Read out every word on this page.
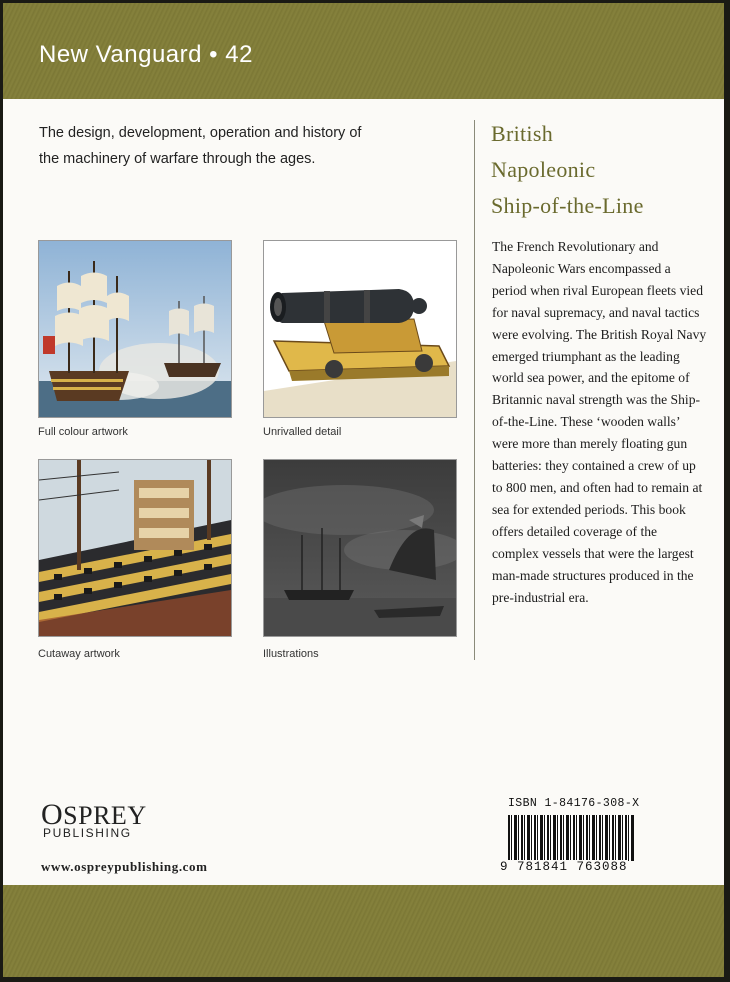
New Vanguard • 42
The design, development, operation and history of the machinery of warfare through the ages.
British
Napoleonic
Ship-of-the-Line
The French Revolutionary and Napoleonic Wars encompassed a period when rival European fleets vied for naval supremacy, and naval tactics were evolving. The British Royal Navy emerged triumphant as the leading world sea power, and the epitome of Britannic naval strength was the Ship-of-the-Line. These ‘wooden walls’ were more than merely floating gun batteries: they contained a crew of up to 800 men, and often had to remain at sea for extended periods. This book offers detailed coverage of the complex vessels that were the largest man-made structures produced in the pre-industrial era.
Full colour artwork	Unrivalled detail
Cutaway artwork	Illustrations
OSPREY
PUBLISHING
www.ospreypublishing.com
ISBN 1-84176-308-X
9 781841 763088
